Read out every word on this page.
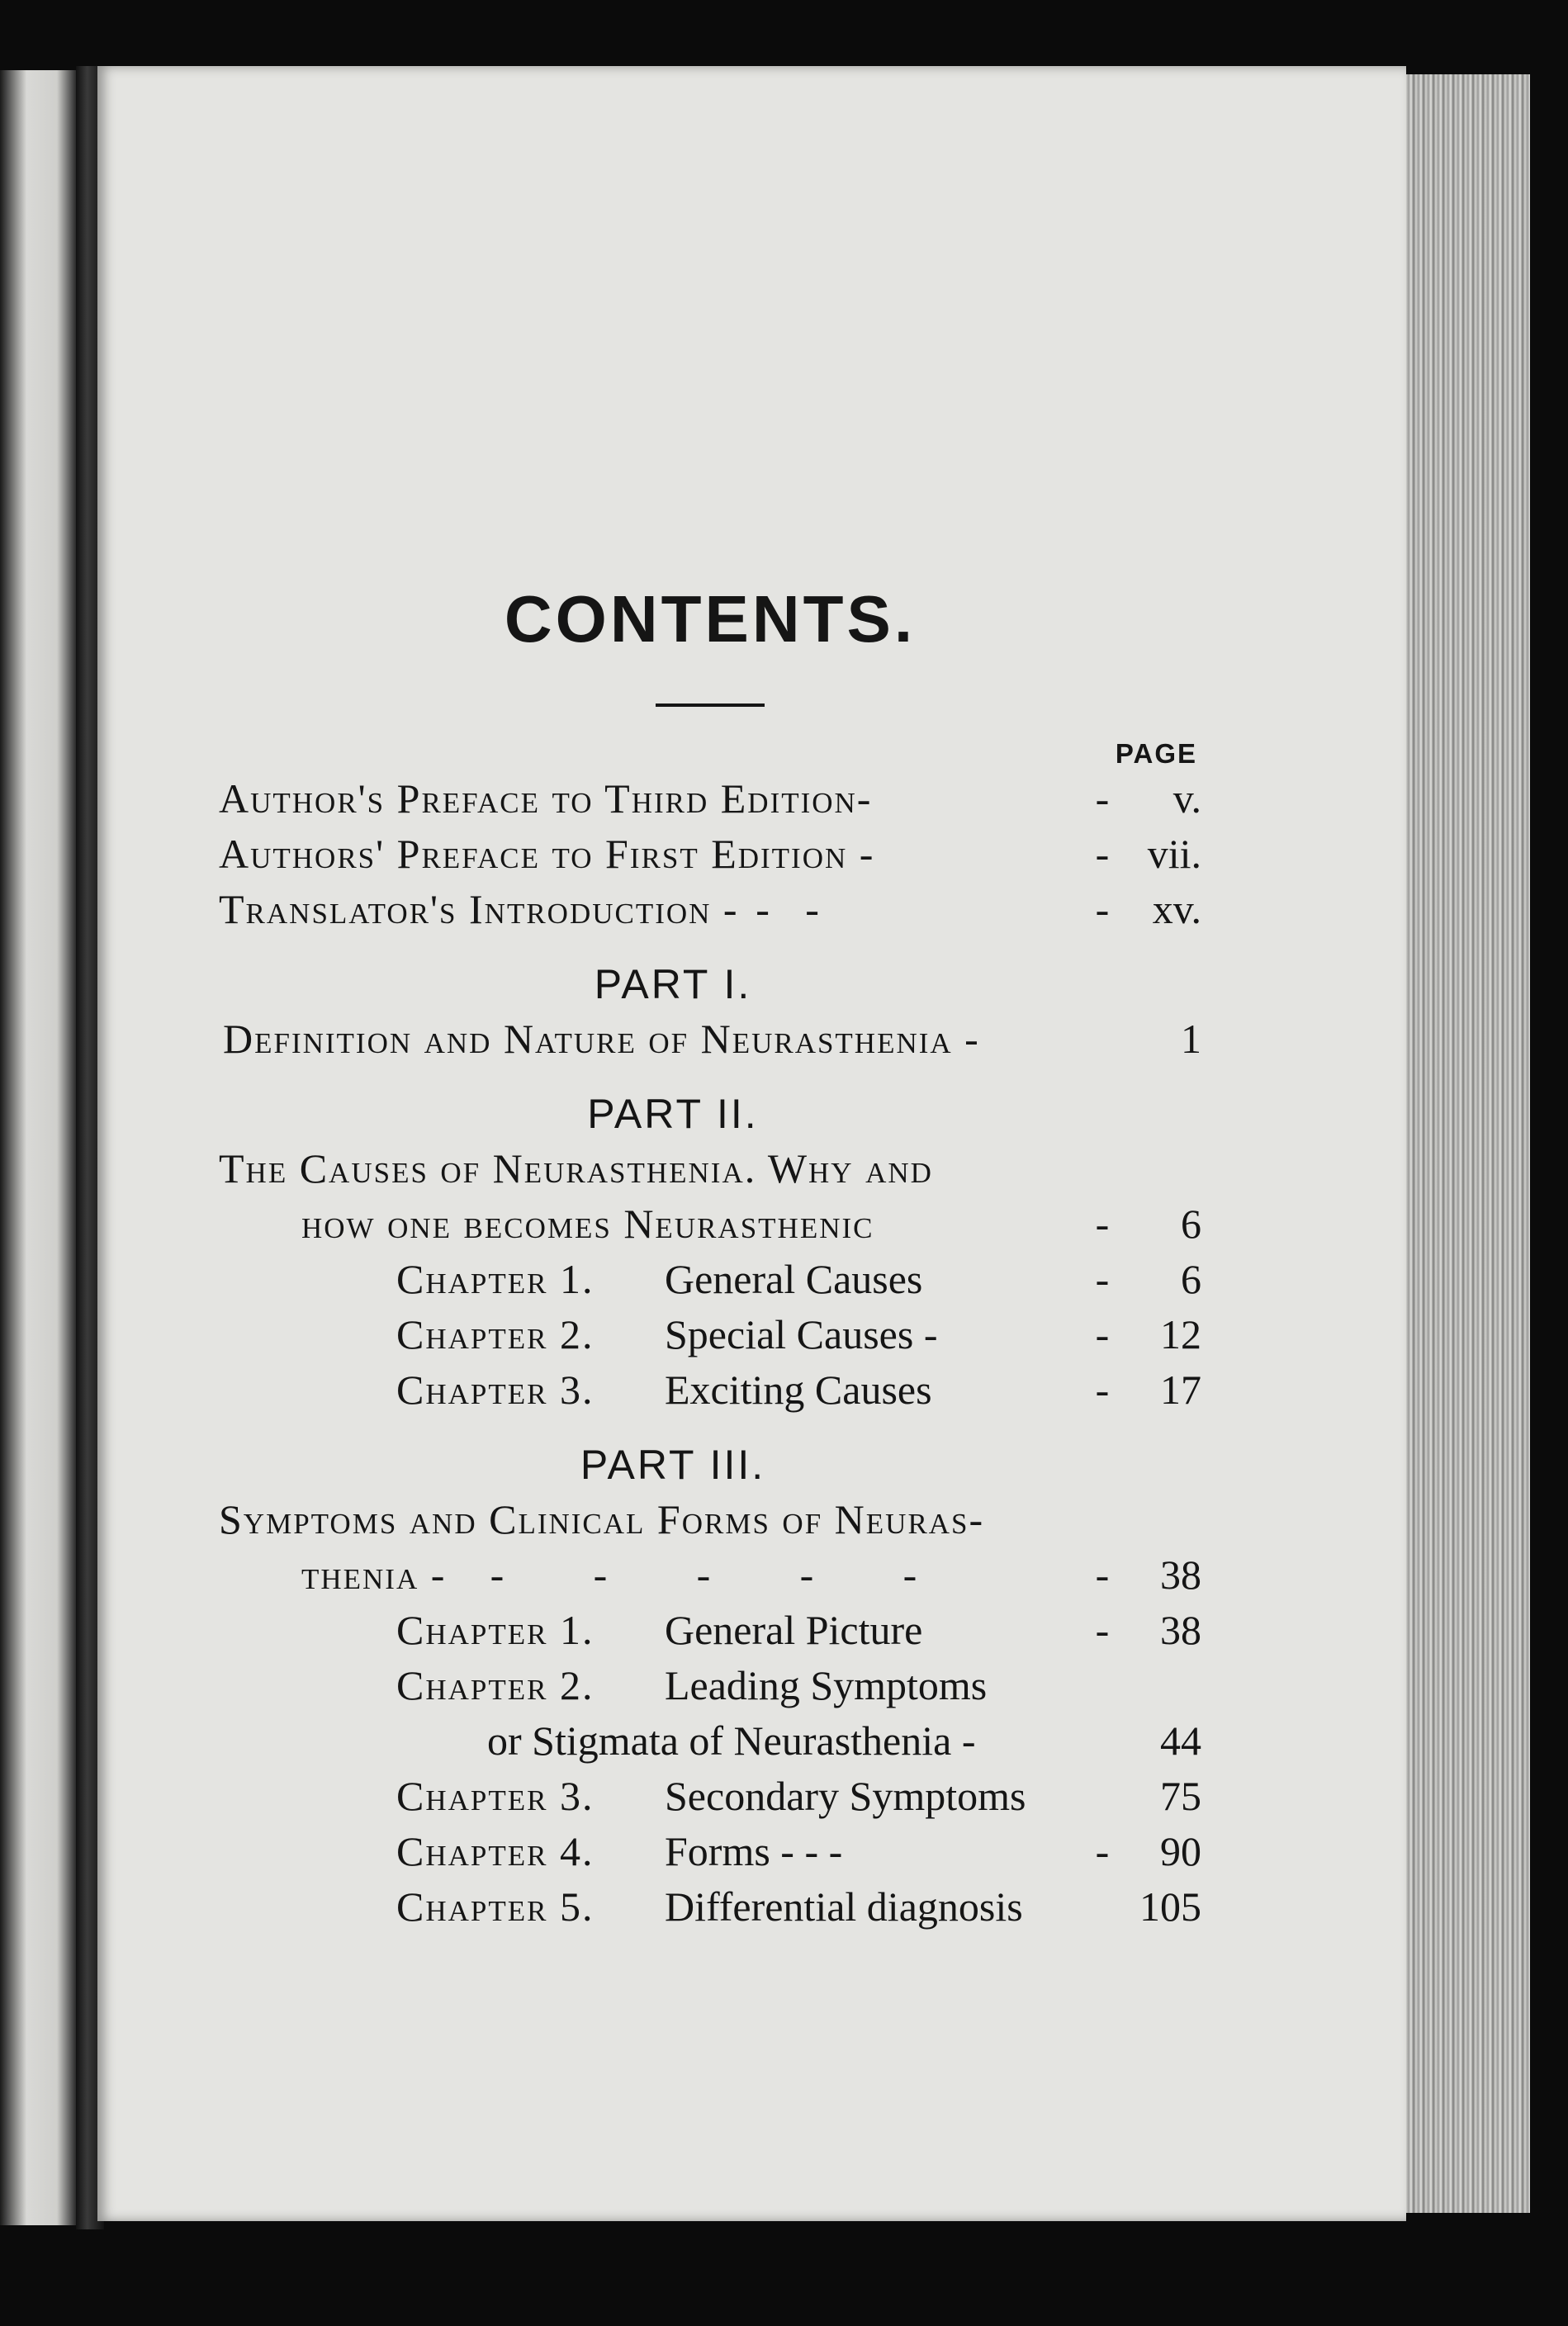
CONTENTS.
PAGE
Author's Preface to Third Edition-	-	v.
Authors' Preface to First Edition -	- vii.
Translator's Introduction - - -	-	xv.
PART I.
Definition and Nature of Neurasthenia -	1
PART II.
The Causes of Neurasthenia. Why and
how one becomes Neurasthenic	-	6
Chapter 1. General Causes	-	6
Chapter 2. Special Causes -	-	12
Chapter 3. Exciting Causes	-	17
PART III.
Symptoms and Clinical Forms of Neuras-
thenia - - - - - -	-	38
Chapter 1. General Picture	-	38
Chapter 2. Leading Symptoms
or Stigmata of Neurasthenia -	44
Chapter 3. Secondary Symptoms	75
Chapter 4. Forms - - -	-	90
Chapter 5. Differential diagnosis	105
